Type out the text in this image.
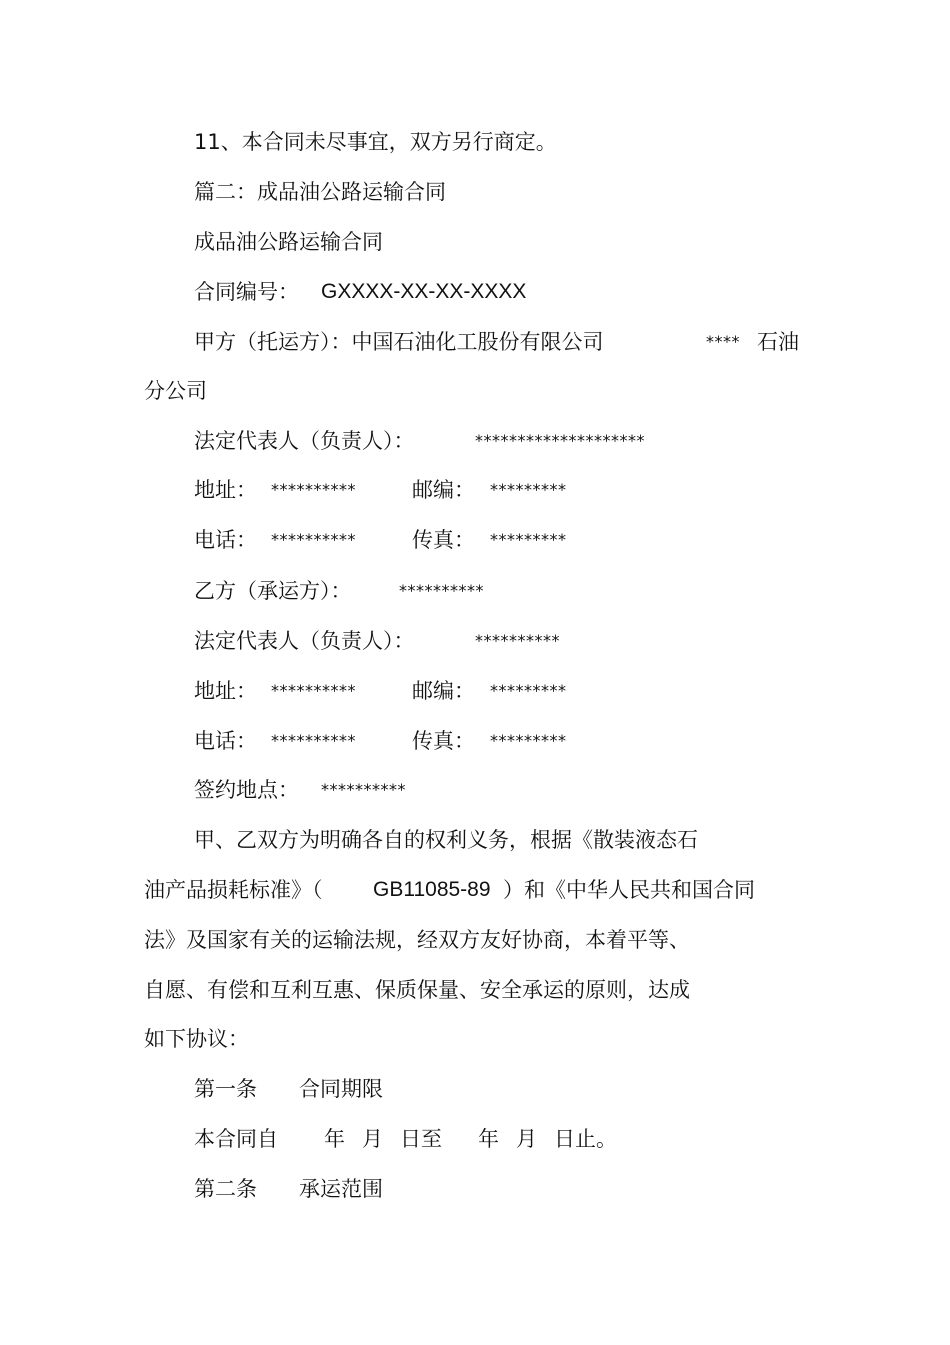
11、本合同未尽事宜，双方另行商定。
篇二：成品油公路运输合同
成品油公路运输合同
合同编号： GXXXX-XX-XX-XXXX
甲方（托运方）：中国石油化工股份有限公司	**** 石油
分公司
法定代表人（负责人）：	********************
地址： **********	邮编： *********
电话： **********	传真： *********
乙方（承运方）：	**********
法定代表人（负责人）：	**********
地址： **********	邮编： *********
电话： **********	传真： *********
签约地点： **********
甲、乙双方为明确各自的权利义务，根据《散装液态石
油产品损耗标准》（ GB11085-89 ）和《中华人民共和国合同
法》及国家有关的运输法规，经双方友好协商，本着平等、
自愿、有偿和互利互惠、保质保量、安全承运的原则，达成
如下协议：
第一条 合同期限
本合同自 年 月 日至 年 月 日止。
第二条 承运范围
